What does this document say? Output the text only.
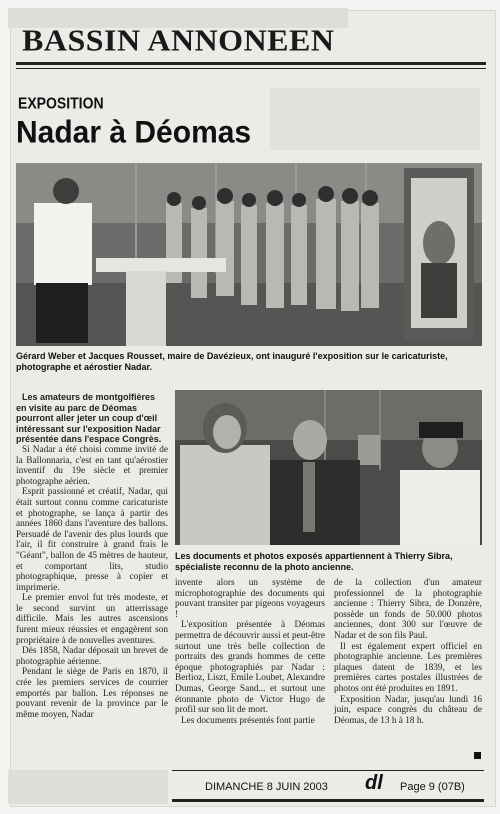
BASSIN ANNONEEN
EXPOSITION
Nadar à Déomas
Gérard Weber et Jacques Rousset, maire de Davézieux, ont inauguré l'exposition sur le caricaturiste, photographe et aérostier Nadar.

Les amateurs de montgolfières en visite au parc de Déomas pourront aller jeter un coup d'œil intéressant sur l'exposition Nadar présentée dans l'espace Congrès.

Si Nadar a été choisi comme invité de la Ballonnaria, c'est en tant qu'aérostier inventif du 19e siècle et premier photographe aérien.

Esprit passionné et créatif, Nadar, qui était surtout connu comme caricaturiste et photographe, se lança à partir des années 1860 dans l'aventure des ballons. Persuadé de l'avenir des plus lourds que l'air, il fit construire à grand frais le "Géant", ballon de 45 mètres de hauteur, et comportant lits, studio photographique, presse à copier et imprimerie.

Le premier envol fut très modeste, et le second survint un atterrissage difficile. Mais les autres ascensions furent mieux réussies et engagèrent son propriétaire à de nouvelles aventures.

Dès 1858, Nadar déposait un brevet de photographie aérienne.

Pendant le siège de Paris en 1870, il crée les premiers services de courrier emportés par ballon. Les réponses ne pouvant revenir de la province par le même moyen, Nadar

Les documents et photos exposés appartiennent à Thierry Sibra, spécialiste reconnu de la photo ancienne.

invente alors un système de microphotographie des documents qui pouvant transiter par pigeons voyageurs !

L'exposition présentée à Déomas permettra de découvrir aussi et peut-être surtout une très belle collection de portraits des grands hommes de cette époque photographiés par Nadar : Berlioz, Liszt, Emile Loubet, Alexandre Dumas, George Sand... et surtout une étonnante photo de Victor Hugo de profil sur son lit de mort.

Les documents présentés font partie

de la collection d'un amateur professionnel de la photographie ancienne : Thierry Sibra, de Donzère, possède un fonds de 50.000 photos anciennes, dont 300 sur l'œuvre de Nadar et de son fils Paul.

Il est également expert officiel en photographie ancienne. Les premières plaques datent de 1839, et les premières cartes postales illustrées de photos ont été produites en 1891.

Exposition Nadar, jusqu'au lundi 16 juin, espace congrès du château de Déomas, de 13 h à 18 h.

DIMANCHE 8 JUIN 2003 dl Page 9 (07B)
